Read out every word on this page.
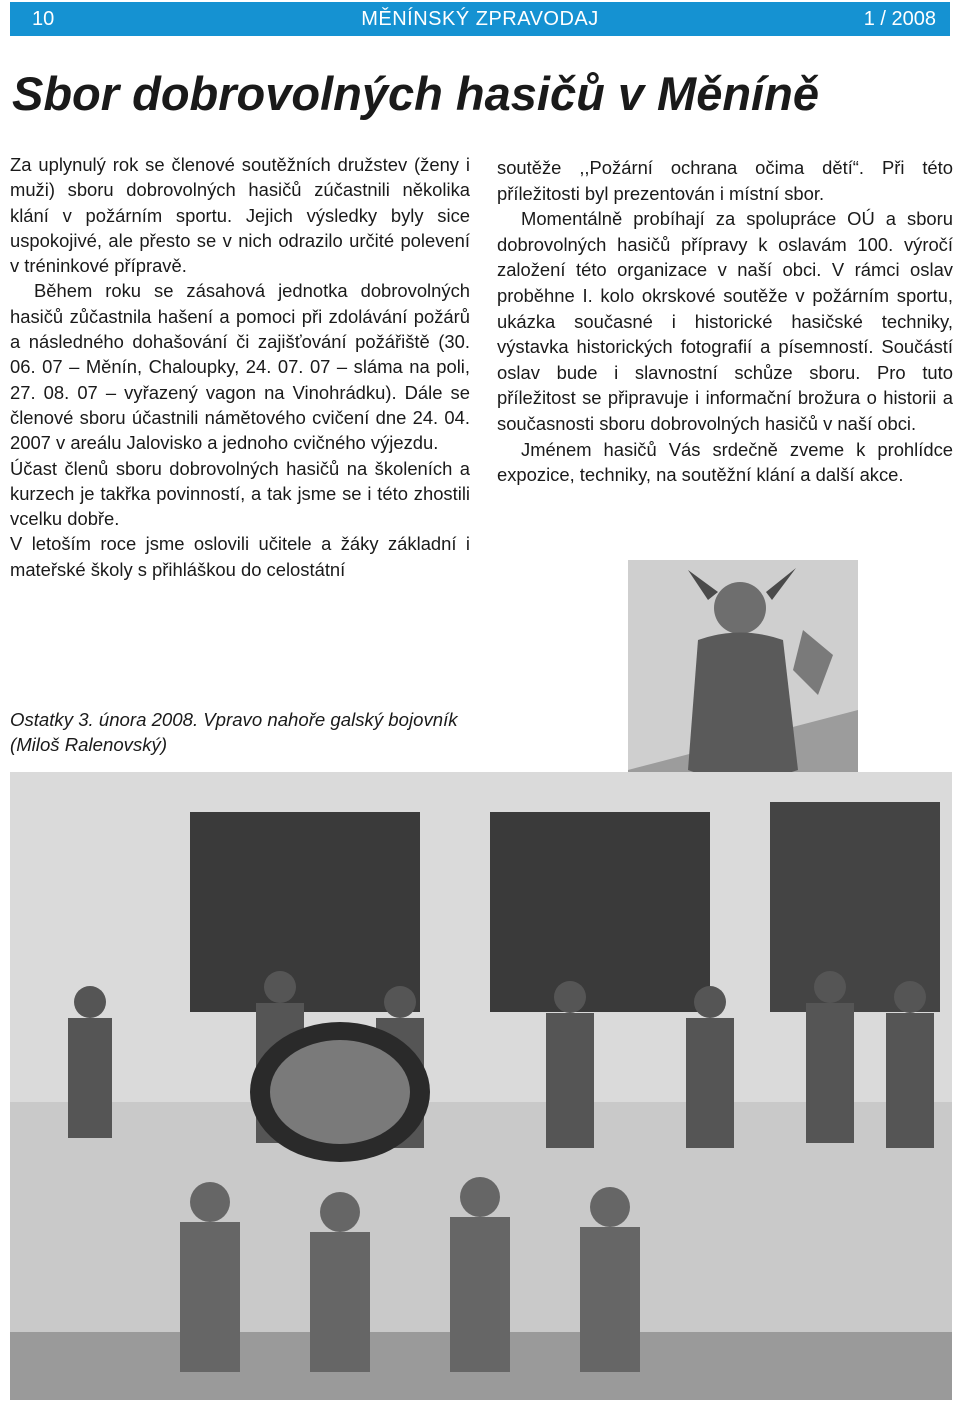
10	MĚNÍNSKÝ ZPRAVODAJ	1 / 2008
Sbor dobrovolných hasičů v Měníně

Za uplynulý rok se členové soutěžních družstev (ženy i muži) sboru dobrovolných hasičů zúčastnili několika klání v požárním sportu. Jejich výsledky byly sice uspokojivé, ale přesto se v nich odrazilo určité polevení v tréninkové přípravě.

Během roku se zásahová jednotka dobrovolných hasičů zůčastnila hašení a pomoci při zdolávání požárů a následného dohašování či zajišťování požářiště (30. 06. 07 – Měnín, Chaloupky, 24. 07. 07 – sláma na poli, 27. 08. 07 – vyřazený vagon na Vinohrádku). Dále se členové sboru účastnili námětového cvičení dne 24. 04. 2007 v areálu Jalovisko a jednoho cvičného výjezdu.

Účast členů sboru dobrovolných hasičů na školeních a kurzech je takřka povinností, a tak jsme se i této zhostili vcelku dobře.

V letoším roce jsme oslovili učitele a žáky základní i mateřské školy s přihláškou do celostátní

soutěže ,,Požární ochrana očima dětí“. Při této příležitosti byl prezentován i místní sbor.

Momentálně probíhají za spolupráce OÚ a sboru dobrovolných hasičů přípravy k oslavám 100. výročí založení této organizace v naší obci. V rámci oslav proběhne I. kolo okrskové soutěže v požárním sportu, ukázka současné i historické hasičské techniky, výstavka historických fotografií a písemností. Součástí oslav bude i slavnostní schůze sboru. Pro tuto příležitost se připravuje i informační brožura o historii a současnosti sboru dobrovolných hasičů v naší obci.

Jménem hasičů Vás srdečně zveme k prohlídce expozice, techniky, na soutěžní klání a další akce.

Ostatky 3. února 2008. Vpravo nahoře galský bojovník (Miloš Ralenovský)
